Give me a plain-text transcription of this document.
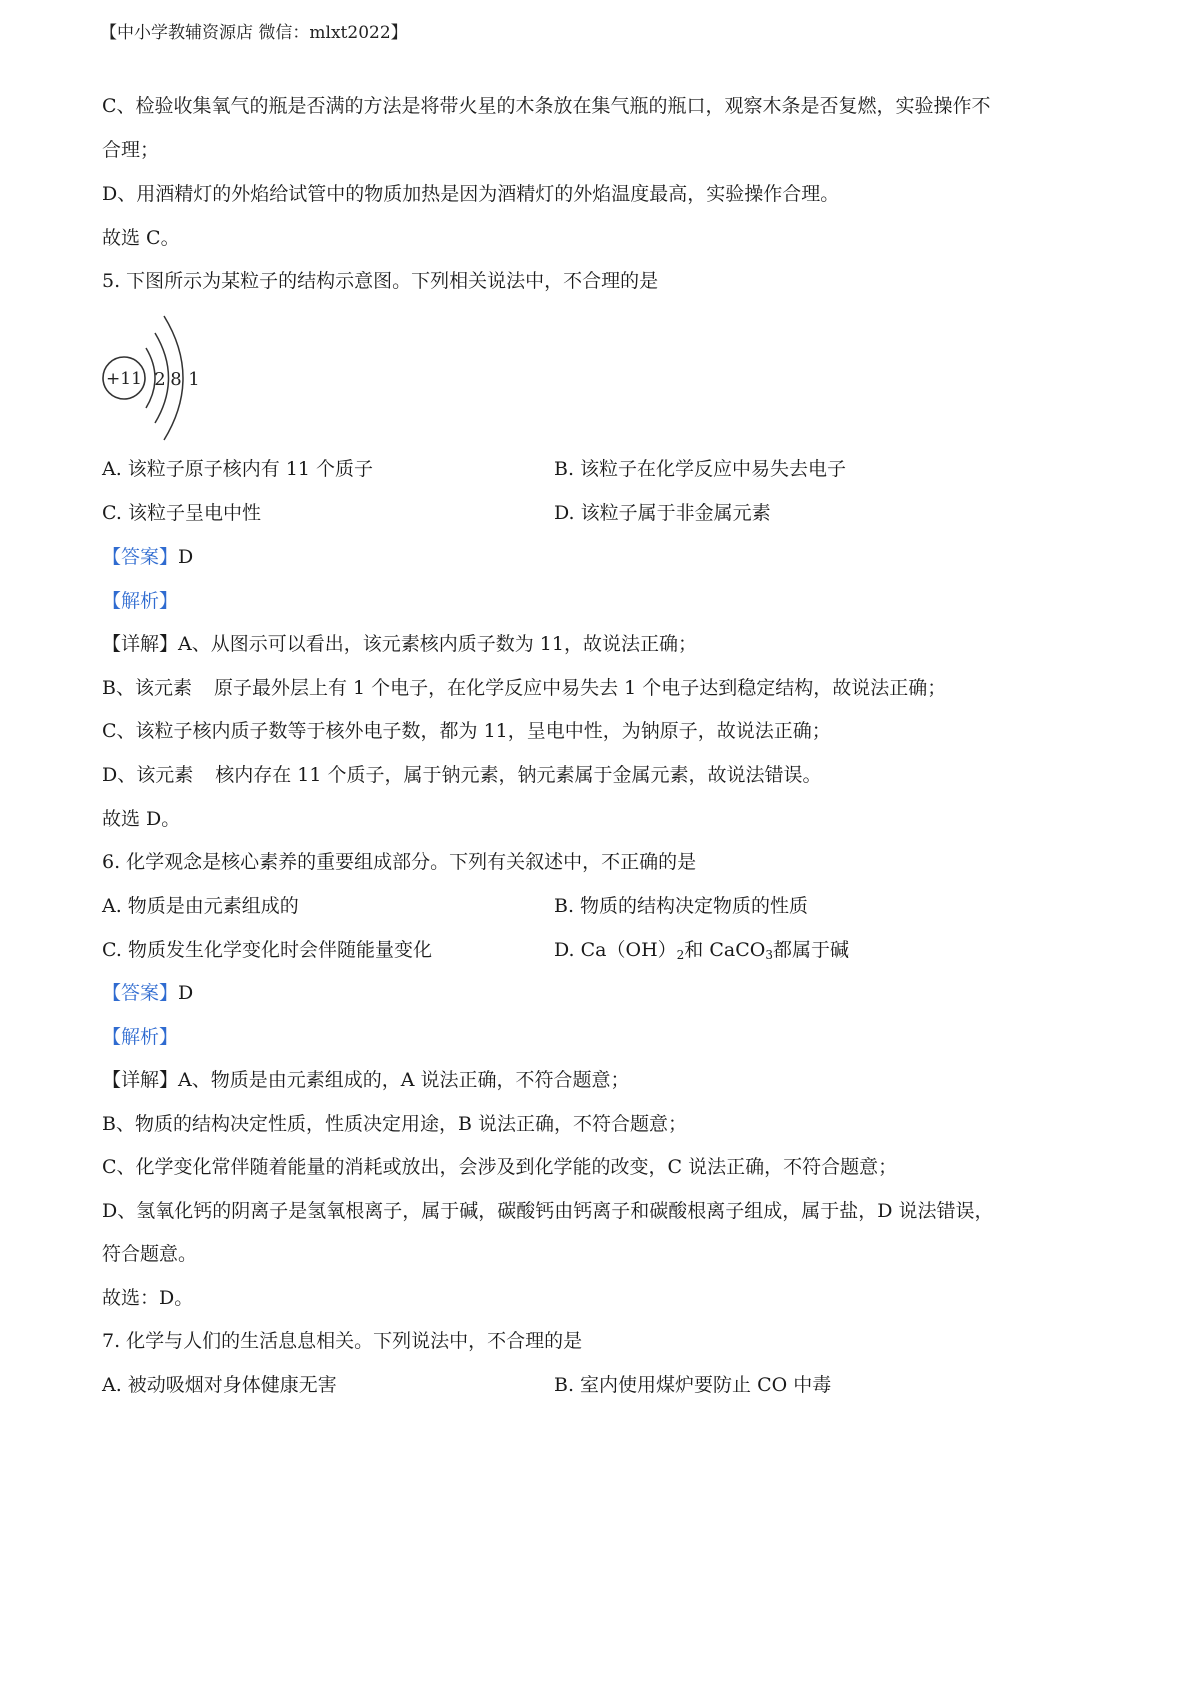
【中小学教辅资源店 微信：mlxt2022】
C、检验收集氧气的瓶是否满的方法是将带火星的木条放在集气瓶的瓶口，观察木条是否复燃，实验操作不
合理；
D、用酒精灯的外焰给试管中的物质加热是因为酒精灯的外焰温度最高，实验操作合理。
故选 C。
5. 下图所示为某粒子的结构示意图。下列相关说法中，不合理的是
+11 2 8 1
A. 该粒子原子核内有 11 个质子	B. 该粒子在化学反应中易失去电子
C. 该粒子呈电中性	D. 该粒子属于非金属元素
【答案】D
【解析】
【详解】A、从图示可以看出，该元素核内质子数为 11，故说法正确；
B、该元素 原子最外层上有 1 个电子，在化学反应中易失去 1 个电子达到稳定结构，故说法正确；
C、该粒子核内质子数等于核外电子数，都为 11，呈电中性，为钠原子，故说法正确；
D、该元素 核内存在 11 个质子，属于钠元素，钠元素属于金属元素，故说法错误。
故选 D。
6. 化学观念是核心素养的重要组成部分。下列有关叙述中，不正确的是
A. 物质是由元素组成的	B. 物质的结构决定物质的性质
C. 物质发生化学变化时会伴随能量变化	D. $Ca(OH)_2$和 CaCO$_3$都属于碱
【答案】D
【解析】
【详解】A、物质是由元素组成的，A 说法正确，不符合题意；
B、物质的结构决定性质，性质决定用途，B 说法正确，不符合题意；
C、化学变化常伴随着能量的消耗或放出，会涉及到化学能的改变，C 说法正确，不符合题意；
D、氢氧化钙的阴离子是氢氧根离子，属于碱，碳酸钙由钙离子和碳酸根离子组成，属于盐，D 说法错误，
符合题意。
故选：D。
7. 化学与人们的生活息息相关。下列说法中，不合理的是
A. 被动吸烟对身体健康无害	B. 室内使用煤炉要防止 CO 中毒
